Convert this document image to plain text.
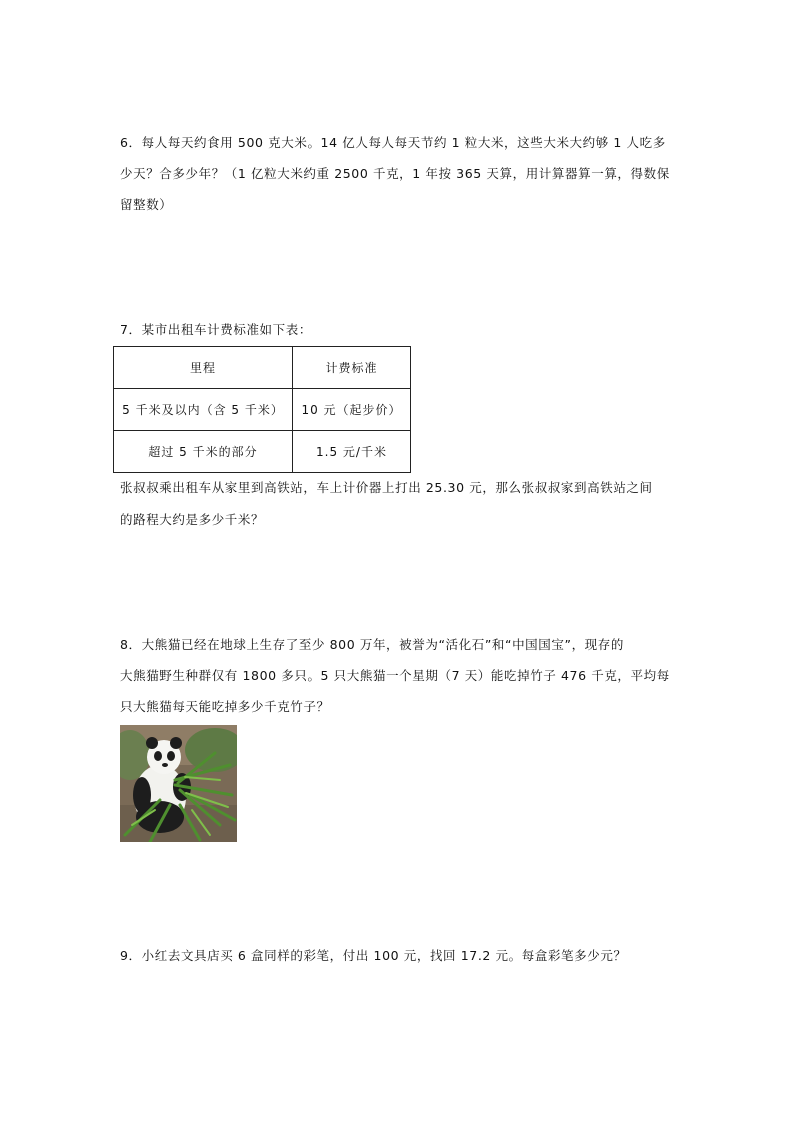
6．每人每天约食用 500 克大米。14 亿人每人每天节约 1 粒大米，这些大米大约够 1 人吃多
少天？合多少年？（1 亿粒大米约重 2500 千克，1 年按 365 天算，用计算器算一算，得数保
留整数）
7．某市出租车计费标准如下表：
里程	计费标准
5 千米及以内（含 5 千米）	10 元（起步价）
超过 5 千米的部分	1.5 元/千米
张叔叔乘出租车从家里到高铁站，车上计价器上打出 25.30 元，那么张叔叔家到高铁站之间
的路程大约是多少千米？
8．大熊猫已经在地球上生存了至少 800 万年，被誉为“活化石”和“中国国宝”，现存的
大熊猫野生种群仅有 1800 多只。5 只大熊猫一个星期（7 天）能吃掉竹子 476 千克，平均每
只大熊猫每天能吃掉多少千克竹子？
9．小红去文具店买 6 盒同样的彩笔，付出 100 元，找回 17.2 元。每盒彩笔多少元？
